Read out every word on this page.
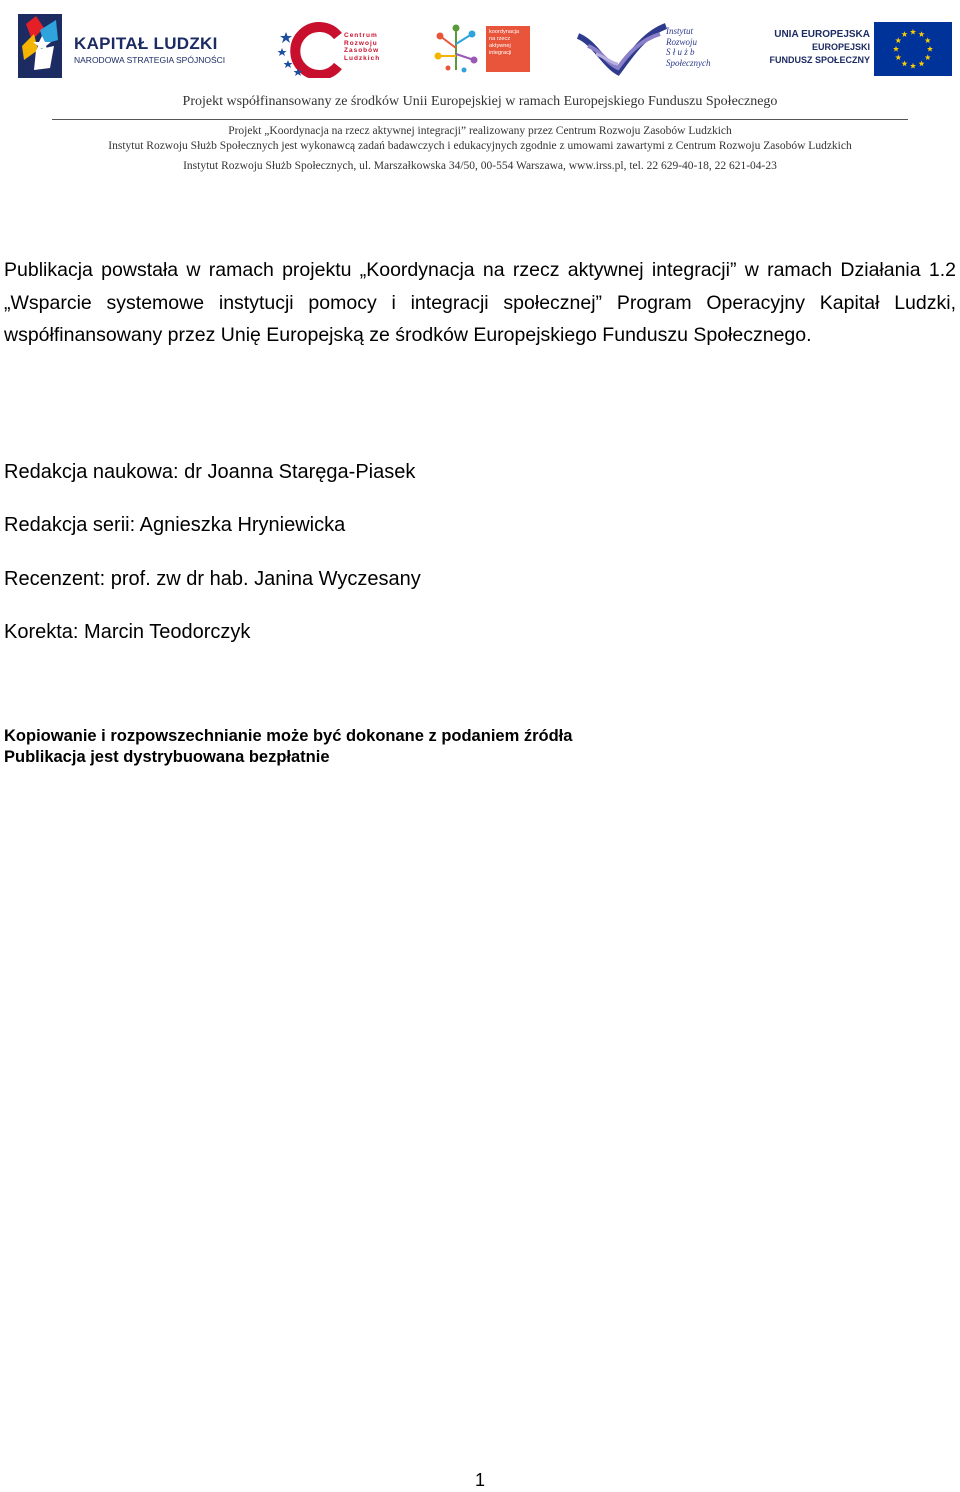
KAPITAŁ LUDZKI
NARODOWA STRATEGIA SPÓJNOŚCI
Centrum
Rozwoju
Zasobów
Ludzkich
koordynacja
na rzecz
aktywnej
integracji
Instytut
Rozwoju
S ł u ż b
Społecznych
UNIA EUROPEJSKA
EUROPEJSKI
FUNDUSZ SPOŁECZNY
Projekt współfinansowany ze środków Unii Europejskiej w ramach Europejskiego Funduszu Społecznego
Projekt „Koordynacja na rzecz aktywnej integracji” realizowany przez Centrum Rozwoju Zasobów Ludzkich
Instytut Rozwoju Służb Społecznych jest wykonawcą zadań badawczych i edukacyjnych zgodnie z umowami zawartymi z Centrum Rozwoju Zasobów Ludzkich
Instytut Rozwoju Służb Społecznych, ul. Marszałkowska 34/50, 00-554 Warszawa, www.irss.pl, tel. 22 629-40-18, 22 621-04-23

Publikacja powstała w ramach projektu „Koordynacja na rzecz aktywnej integracji” w ramach Działania 1.2 „Wsparcie systemowe instytucji pomocy i integracji społecznej” Program Operacyjny Kapitał Ludzki, współfinansowany przez Unię Europejską ze środków Europejskiego Funduszu Społecznego.

Redakcja naukowa: dr Joanna Staręga-Piasek

Redakcja serii: Agnieszka Hryniewicka

Recenzent: prof. zw dr hab. Janina Wyczesany

Korekta: Marcin Teodorczyk

Kopiowanie i rozpowszechnianie może być dokonane z podaniem źródła

Publikacja jest dystrybuowana bezpłatnie

1
